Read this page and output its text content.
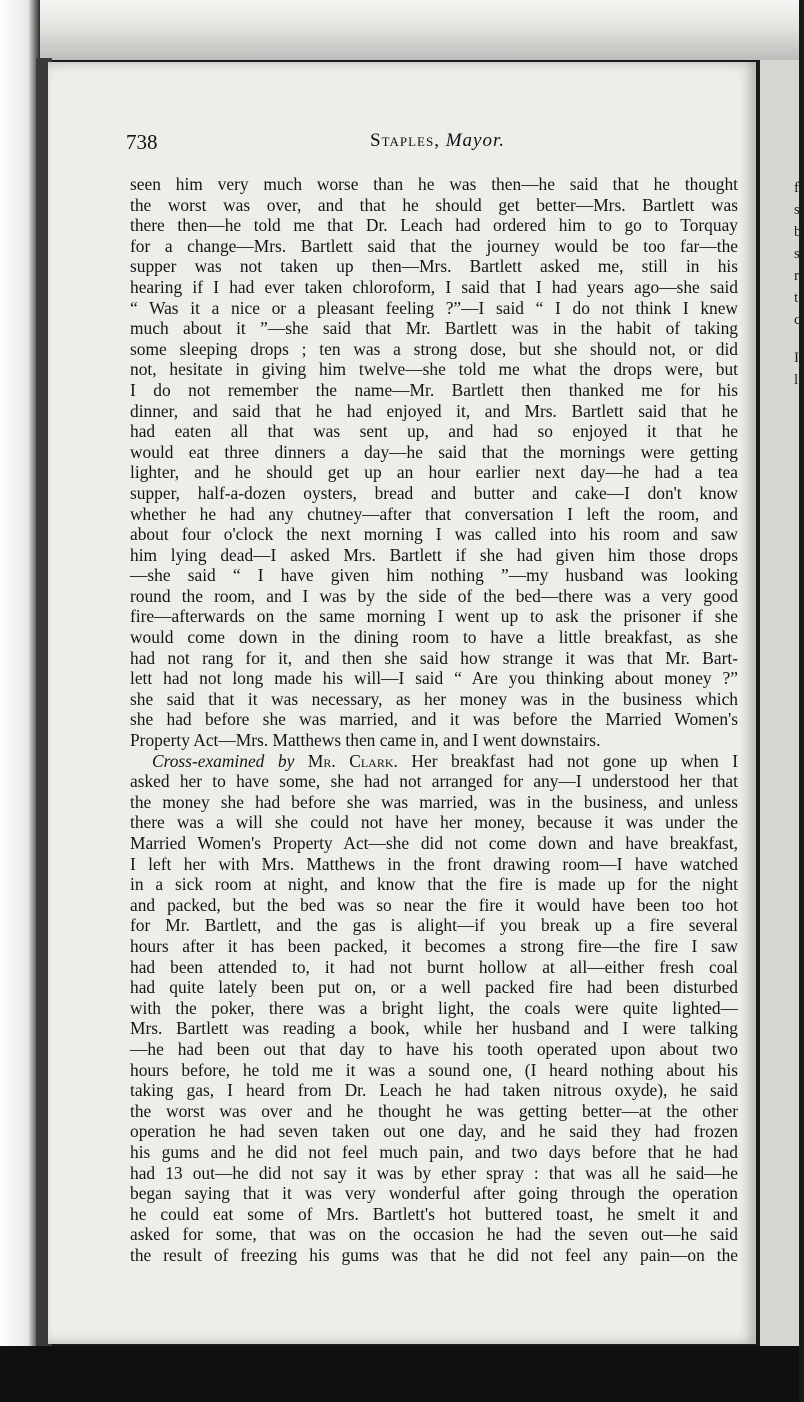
f
s
b
s
r
t
c
I
l
738	Staples, Mayor.
seen him very much worse than he was then—he said that he thought
the worst was over, and that he should get better—Mrs. Bartlett was
there then—he told me that Dr. Leach had ordered him to go to Torquay
for a change—Mrs. Bartlett said that the journey would be too far—the
supper was not taken up then—Mrs. Bartlett asked me, still in his
hearing if I had ever taken chloroform, I said that I had years ago—she said
“ Was it a nice or a pleasant feeling ?”—I said “ I do not think I knew
much about it ”—she said that Mr. Bartlett was in the habit of taking
some sleeping drops ; ten was a strong dose, but she should not, or did
not, hesitate in giving him twelve—she told me what the drops were, but
I do not remember the name—Mr. Bartlett then thanked me for his
dinner, and said that he had enjoyed it, and Mrs. Bartlett said that he
had eaten all that was sent up, and had so enjoyed it that he
would eat three dinners a day—he said that the mornings were getting
lighter, and he should get up an hour earlier next day—he had a tea
supper, half-a-dozen oysters, bread and butter and cake—I don't know
whether he had any chutney—after that conversation I left the room, and
about four o'clock the next morning I was called into his room and saw
him lying dead—I asked Mrs. Bartlett if she had given him those drops
—she said “ I have given him nothing ”—my husband was looking
round the room, and I was by the side of the bed—there was a very good
fire—afterwards on the same morning I went up to ask the prisoner if she
would come down in the dining room to have a little breakfast, as she
had not rang for it, and then she said how strange it was that Mr. Bart-
lett had not long made his will—I said “ Are you thinking about money ?”
she said that it was necessary, as her money was in the business which
she had before she was married, and it was before the Married Women's
Property Act—Mrs. Matthews then came in, and I went downstairs.
Cross-examined by Mr. Clark. Her breakfast had not gone up when I
asked her to have some, she had not arranged for any—I understood her that
the money she had before she was married, was in the business, and unless
there was a will she could not have her money, because it was under the
Married Women's Property Act—she did not come down and have breakfast,
I left her with Mrs. Matthews in the front drawing room—I have watched
in a sick room at night, and know that the fire is made up for the night
and packed, but the bed was so near the fire it would have been too hot
for Mr. Bartlett, and the gas is alight—if you break up a fire several
hours after it has been packed, it becomes a strong fire—the fire I saw
had been attended to, it had not burnt hollow at all—either fresh coal
had quite lately been put on, or a well packed fire had been disturbed
with the poker, there was a bright light, the coals were quite lighted—
Mrs. Bartlett was reading a book, while her husband and I were talking
—he had been out that day to have his tooth operated upon about two
hours before, he told me it was a sound one, (I heard nothing about his
taking gas, I heard from Dr. Leach he had taken nitrous oxyde), he said
the worst was over and he thought he was getting better—at the other
operation he had seven taken out one day, and he said they had frozen
his gums and he did not feel much pain, and two days before that he had
had 13 out—he did not say it was by ether spray : that was all he said—he
began saying that it was very wonderful after going through the operation
he could eat some of Mrs. Bartlett's hot buttered toast, he smelt it and
asked for some, that was on the occasion he had the seven out—he said
the result of freezing his gums was that he did not feel any pain—on the
